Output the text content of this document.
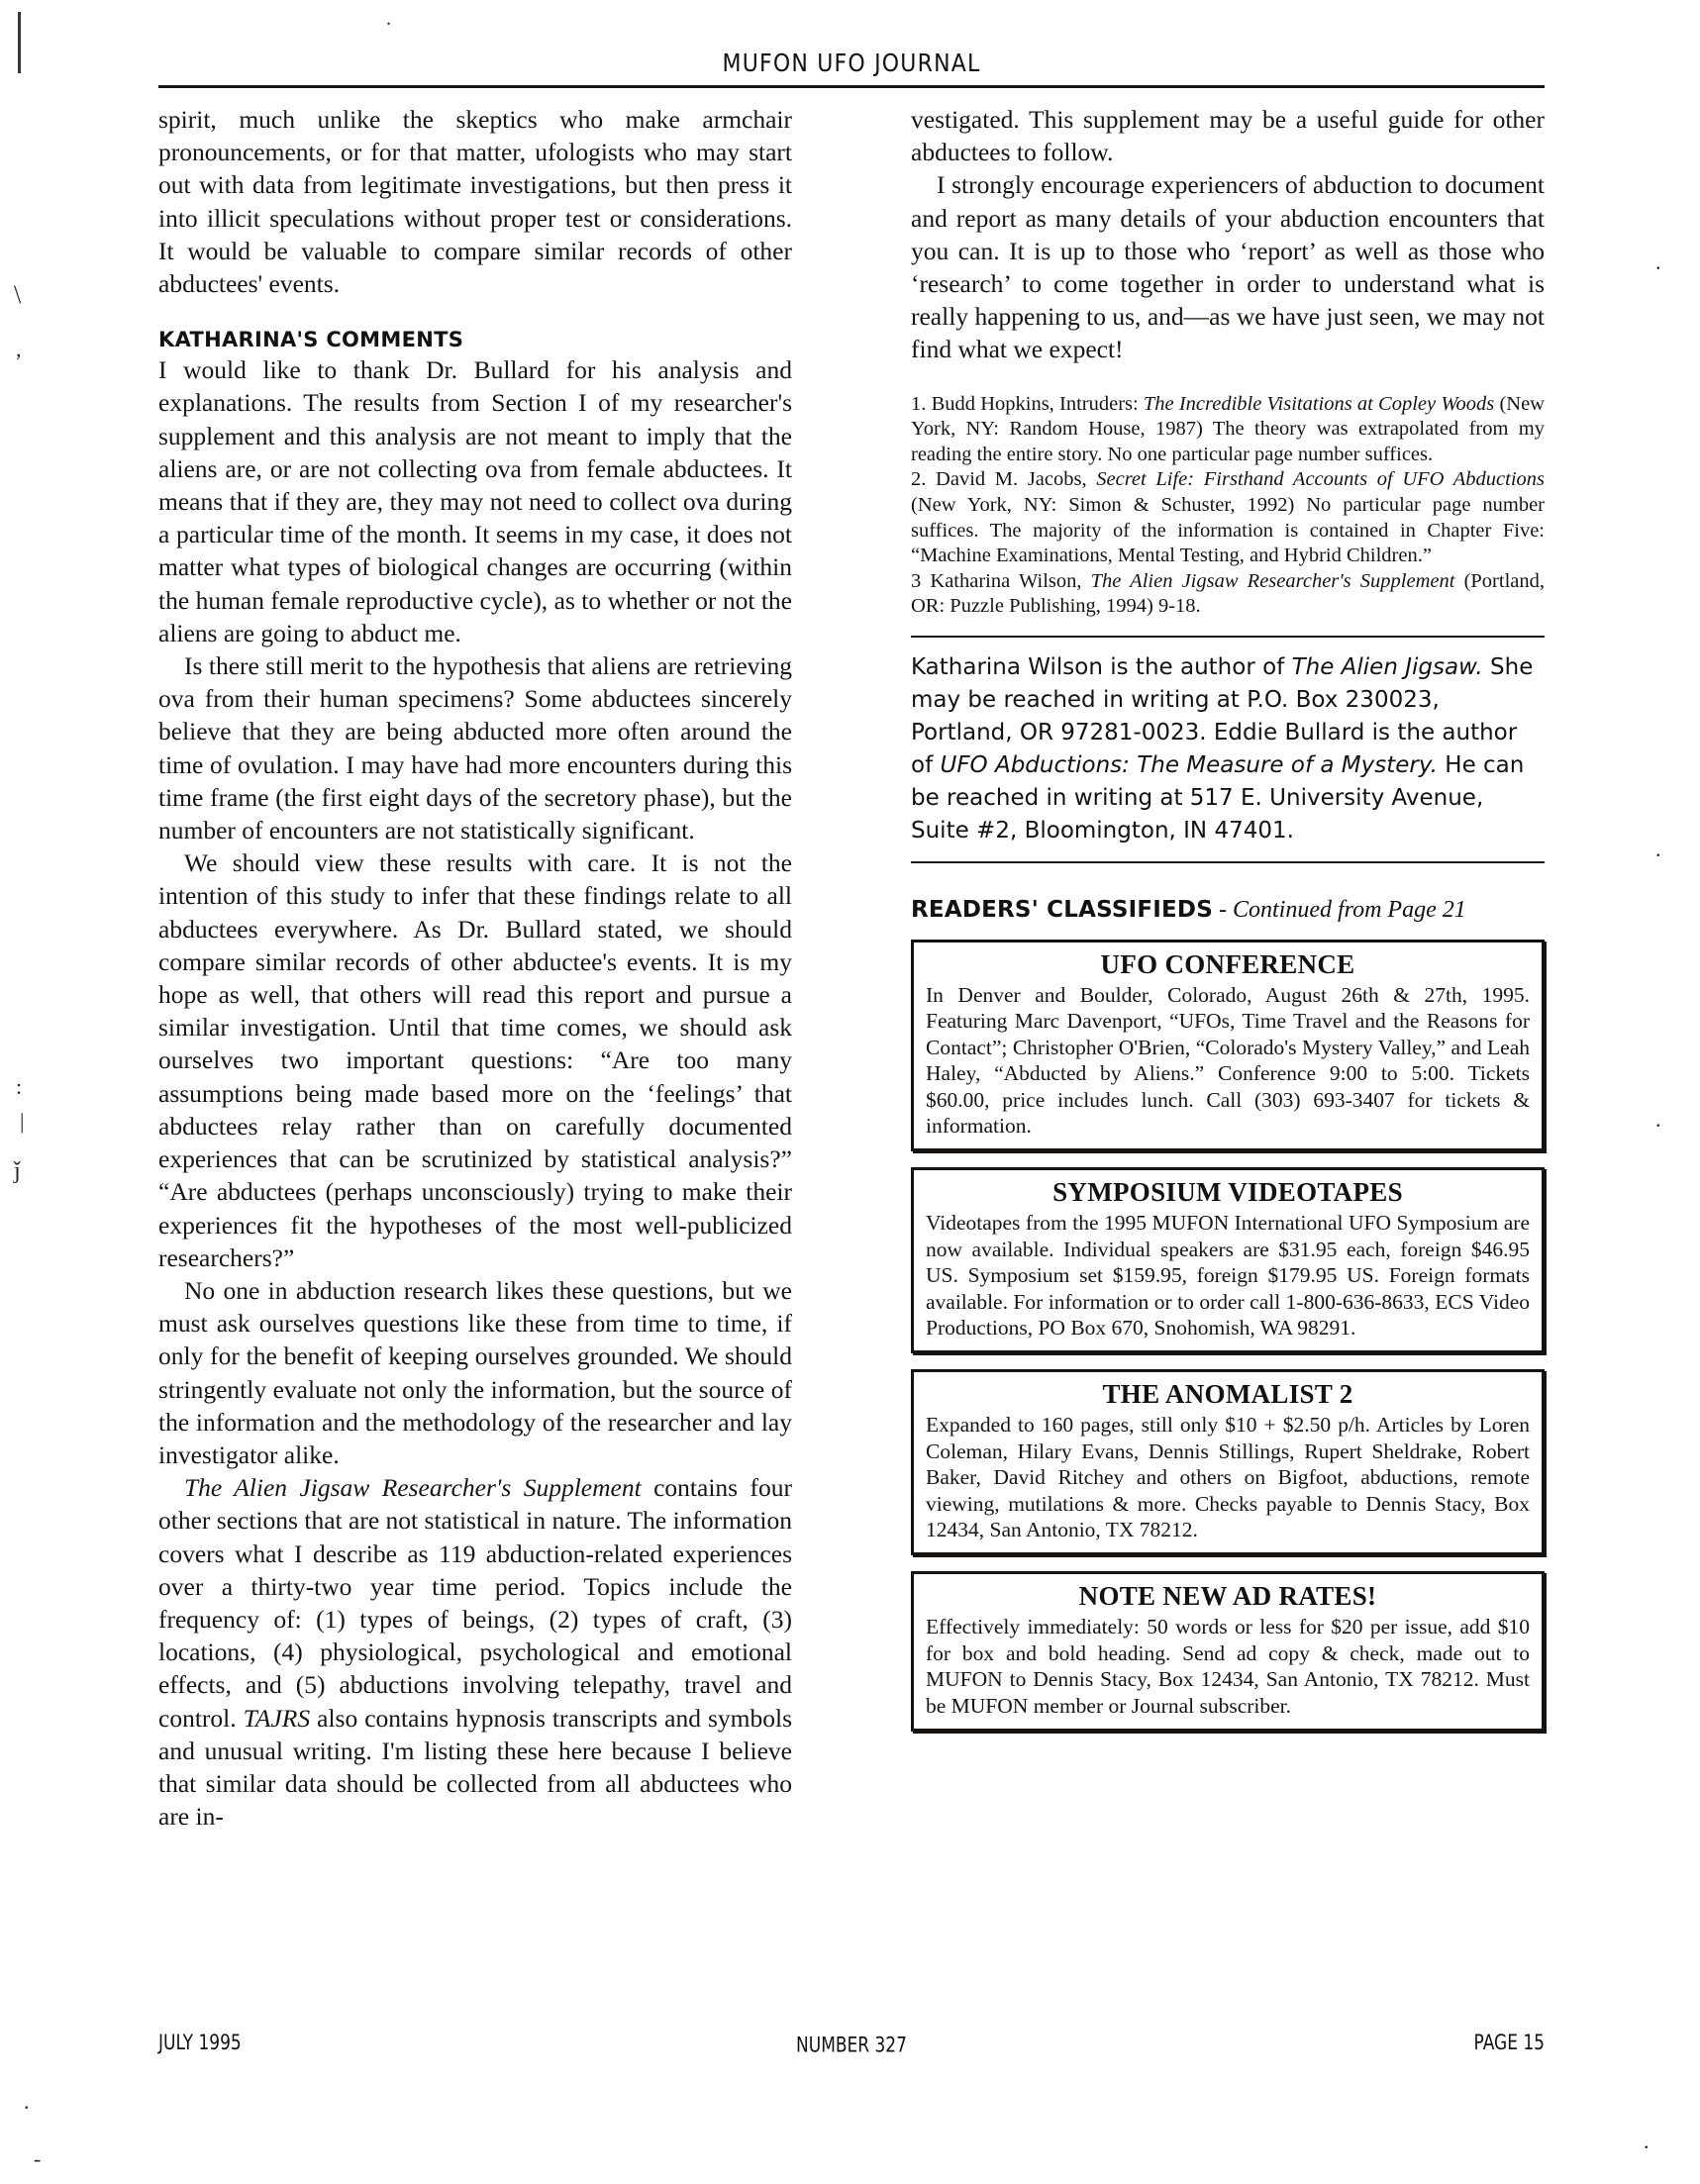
.
\
,
:
|
ǰ
.
.
.
.
-
.
MUFON UFO JOURNAL

spirit, much unlike the skeptics who make armchair pronouncements, or for that matter, ufologists who may start out with data from legitimate investigations, but then press it into illicit speculations without proper test or considerations. It would be valuable to compare similar records of other abductees' events.

KATHARINA'S COMMENTS

I would like to thank Dr. Bullard for his analysis and explanations. The results from Section I of my researcher's supplement and this analysis are not meant to imply that the aliens are, or are not collecting ova from female abductees. It means that if they are, they may not need to collect ova during a particular time of the month. It seems in my case, it does not matter what types of biological changes are occurring (within the human female reproductive cycle), as to whether or not the aliens are going to abduct me.

Is there still merit to the hypothesis that aliens are retrieving ova from their human specimens? Some abductees sincerely believe that they are being abducted more often around the time of ovulation. I may have had more encounters during this time frame (the first eight days of the secretory phase), but the number of encounters are not statistically significant.

We should view these results with care. It is not the intention of this study to infer that these findings relate to all abductees everywhere. As Dr. Bullard stated, we should compare similar records of other abductee's events. It is my hope as well, that others will read this report and pursue a similar investigation. Until that time comes, we should ask ourselves two important questions: “Are too many assumptions being made based more on the ‘feelings’ that abductees relay rather than on carefully documented experiences that can be scrutinized by statistical analysis?” “Are abductees (perhaps unconsciously) trying to make their experiences fit the hypotheses of the most well-publicized researchers?”

No one in abduction research likes these questions, but we must ask ourselves questions like these from time to time, if only for the benefit of keeping ourselves grounded. We should stringently evaluate not only the information, but the source of the information and the methodology of the researcher and lay investigator alike.

The Alien Jigsaw Researcher's Supplement contains four other sections that are not statistical in nature. The information covers what I describe as 119 abduction-related experiences over a thirty-two year time period. Topics include the frequency of: (1) types of beings, (2) types of craft, (3) locations, (4) physiological, psychological and emotional effects, and (5) abductions involving telepathy, travel and control. TAJRS also contains hypnosis transcripts and symbols and unusual writing. I'm listing these here because I believe that similar data should be collected from all abductees who are in-

vestigated. This supplement may be a useful guide for other abductees to follow.

I strongly encourage experiencers of abduction to document and report as many details of your abduction encounters that you can. It is up to those who ‘report’ as well as those who ‘research’ to come together in order to understand what is really happening to us, and—as we have just seen, we may not find what we expect!

1. Budd Hopkins, Intruders: The Incredible Visitations at Copley Woods (New York, NY: Random House, 1987) The theory was extrapolated from my reading the entire story. No one particular page number suffices.

2. David M. Jacobs, Secret Life: Firsthand Accounts of UFO Abductions (New York, NY: Simon & Schuster, 1992) No particular page number suffices. The majority of the information is contained in Chapter Five: “Machine Examinations, Mental Testing, and Hybrid Children.”

3 Katharina Wilson, The Alien Jigsaw Researcher's Supplement (Portland, OR: Puzzle Publishing, 1994) 9-18.

Katharina Wilson is the author of The Alien Jigsaw. She may be reached in writing at P.O. Box 230023, Portland, OR 97281-0023. Eddie Bullard is the author of UFO Abductions: The Measure of a Mystery. He can be reached in writing at 517 E. University Avenue, Suite #2, Bloomington, IN 47401.
READERS' CLASSIFIEDS - Continued from Page 21
UFO CONFERENCE
In Denver and Boulder, Colorado, August 26th & 27th, 1995. Featuring Marc Davenport, “UFOs, Time Travel and the Reasons for Contact”; Christopher O'Brien, “Colorado's Mystery Valley,” and Leah Haley, “Abducted by Aliens.” Conference 9:00 to 5:00. Tickets $60.00, price includes lunch. Call (303) 693-3407 for tickets & information.
SYMPOSIUM VIDEOTAPES
Videotapes from the 1995 MUFON International UFO Symposium are now available. Individual speakers are $31.95 each, foreign $46.95 US. Symposium set $159.95, foreign $179.95 US. Foreign formats available. For information or to order call 1-800-636-8633, ECS Video Productions, PO Box 670, Snohomish, WA 98291.
THE ANOMALIST 2
Expanded to 160 pages, still only $10 + $2.50 p/h. Articles by Loren Coleman, Hilary Evans, Dennis Stillings, Rupert Sheldrake, Robert Baker, David Ritchey and others on Bigfoot, abductions, remote viewing, mutilations & more. Checks payable to Dennis Stacy, Box 12434, San Antonio, TX 78212.
NOTE NEW AD RATES!
Effectively immediately: 50 words or less for $20 per issue, add $10 for box and bold heading. Send ad copy & check, made out to MUFON to Dennis Stacy, Box 12434, San Antonio, TX 78212. Must be MUFON member or Journal subscriber.
JULY 1995	NUMBER 327	PAGE 15
